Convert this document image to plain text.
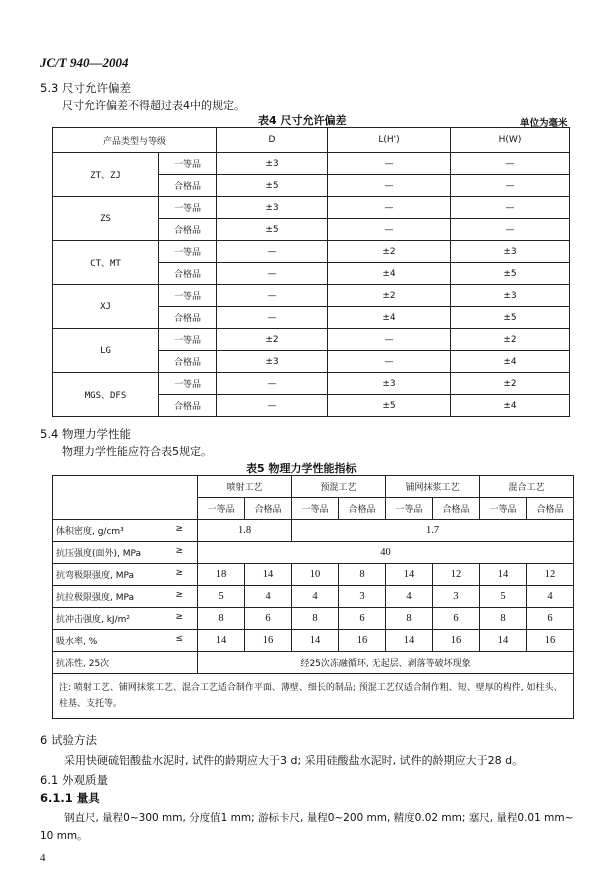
JC/T 940—2004
5.3 尺寸允许偏差
尺寸允许偏差不得超过表4中的规定。
表4 尺寸允许偏差	单位为毫米
产品类型与等级		D	L(H')	H(W)
ZT、ZJ	一等品	±3	—	—
	合格品	±5	—	—
ZS	一等品	±3	—	—
	合格品	±5	—	—
CT、MT	一等品	—	±2	±3
	合格品	—	±4	±5
XJ	一等品	—	±2	±3
	合格品	—	±4	±5
LG	一等品	±2	—	±2
	合格品	±3	—	±4
MGS、DFS	一等品	—	±3	±2
	合格品	—	±5	±4
5.4 物理力学性能
物理力学性能应符合表5规定。
表5 物理力学性能指标
	喷射工艺		预混工艺		铺网抹浆工艺		混合工艺	
	一等品	合格品	一等品	合格品	一等品	合格品	一等品	合格品

体积密度, g/cm³ ≥	1.8		1.7					

抗压强度(面外), MPa ≥	40							

抗弯极限强度, MPa ≥	18	14	10	8	14	12	14	12

抗拉极限强度, MPa ≥	5	4	4	3	4	3	5	4

抗冲击强度, kJ/m² ≥	8	6	8	6	8	6	8	6

吸水率, % ≤	14	16	14	16	14	16	14	16
抗冻性, 25次	经25次冻融循环, 无起层、剥落等破坏现象							
注: 喷射工艺、铺网抹浆工艺、混合工艺适合制作平面、薄壁、细长的制品; 预混工艺仅适合制作粗、短、壁厚的构件, 如柱头、柱基、支托等。								
6 试验方法
采用快硬硫铝酸盐水泥时, 试件的龄期应大于3 d; 采用硅酸盐水泥时, 试件的龄期应大于28 d。
6.1 外观质量
6.1.1 量具
钢直尺, 量程0~300 mm, 分度值1 mm; 游标卡尺, 量程0~200 mm, 精度0.02 mm; 塞尺, 量程0.01 mm~
10 mm。
4
